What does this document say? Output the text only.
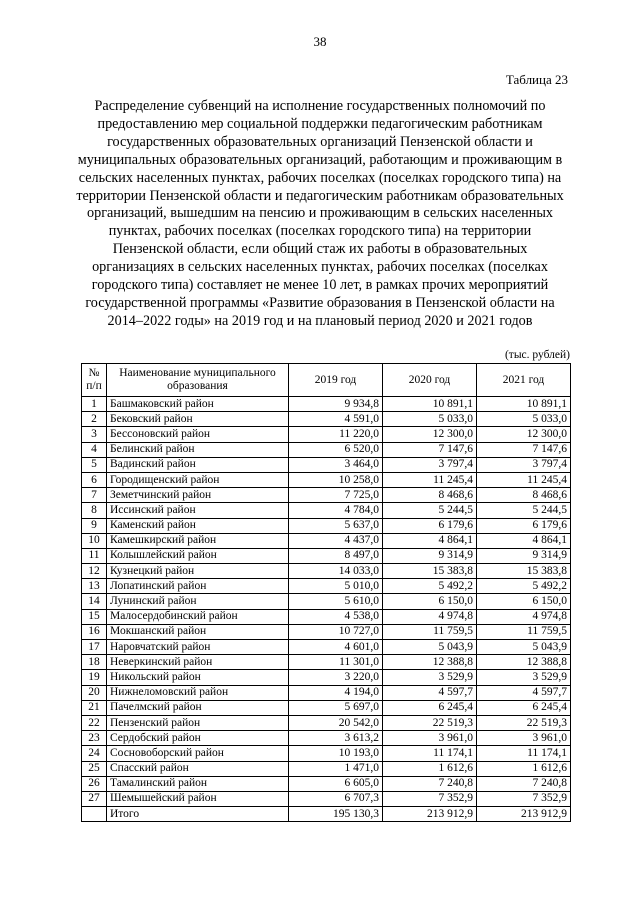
38
Таблица 23

Распределение субвенций на исполнение государственных полномочий по предоставлению мер социальной поддержки педагогическим работникам государственных образовательных организаций Пензенской области и муниципальных образовательных организаций, работающим и проживающим в сельских населенных пунктах, рабочих поселках (поселках городского типа) на территории Пензенской области и педагогическим работникам образовательных организаций, вышедшим на пенсию и проживающим в сельских населенных пунктах, рабочих поселках (поселках городского типа) на территории Пензенской области, если общий стаж их работы в образовательных организациях в сельских населенных пунктах, рабочих поселках (поселках городского типа) составляет не менее 10 лет, в рамках прочих мероприятий государственной программы «Развитие образования в Пензенской области на 2014–2022 годы» на 2019 год и на плановый период 2020 и 2021 годов

(тыс. рублей)
№ п/п	Наименование муниципального образования	2019 год	2020 год	2021 год
1	Башмаковский район	9 934,8	10 891,1	10 891,1
2	Бековский район	4 591,0	5 033,0	5 033,0
3	Бессоновский район	11 220,0	12 300,0	12 300,0
4	Белинский район	6 520,0	7 147,6	7 147,6
5	Вадинский район	3 464,0	3 797,4	3 797,4
6	Городищенский район	10 258,0	11 245,4	11 245,4
7	Земетчинский район	7 725,0	8 468,6	8 468,6
8	Иссинский район	4 784,0	5 244,5	5 244,5
9	Каменский район	5 637,0	6 179,6	6 179,6
10	Камешкирский район	4 437,0	4 864,1	4 864,1
11	Колышлейский район	8 497,0	9 314,9	9 314,9
12	Кузнецкий район	14 033,0	15 383,8	15 383,8
13	Лопатинский район	5 010,0	5 492,2	5 492,2
14	Лунинский район	5 610,0	6 150,0	6 150,0
15	Малосердобинский район	4 538,0	4 974,8	4 974,8
16	Мокшанский район	10 727,0	11 759,5	11 759,5
17	Наровчатский район	4 601,0	5 043,9	5 043,9
18	Неверкинский район	11 301,0	12 388,8	12 388,8
19	Никольский район	3 220,0	3 529,9	3 529,9
20	Нижнеломовский район	4 194,0	4 597,7	4 597,7
21	Пачелмский район	5 697,0	6 245,4	6 245,4
22	Пензенский район	20 542,0	22 519,3	22 519,3
23	Сердобский район	3 613,2	3 961,0	3 961,0
24	Сосновоборский район	10 193,0	11 174,1	11 174,1
25	Спасский район	1 471,0	1 612,6	1 612,6
26	Тамалинский район	6 605,0	7 240,8	7 240,8
27	Шемышейский район	6 707,3	7 352,9	7 352,9
	Итого	195 130,3	213 912,9	213 912,9
